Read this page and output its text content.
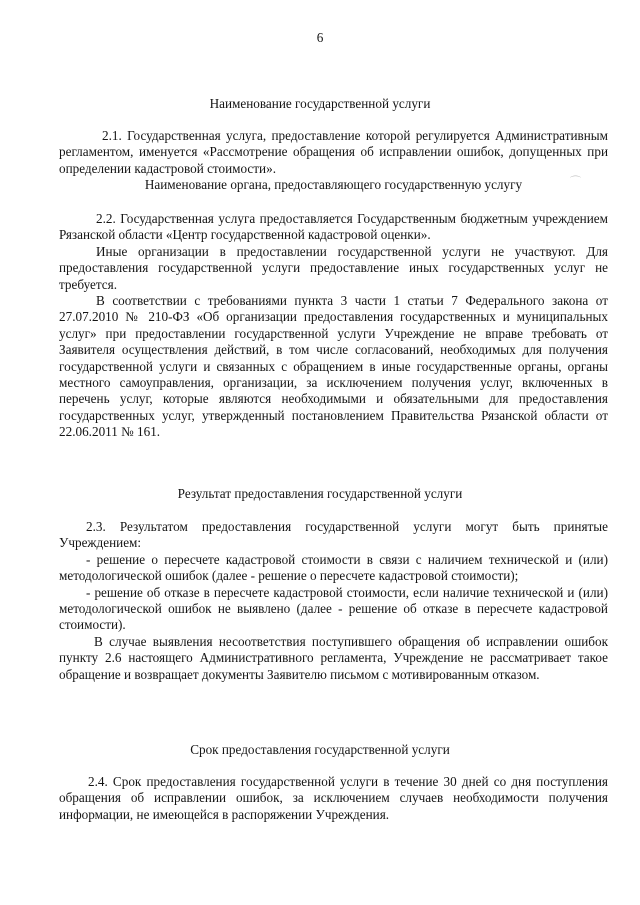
6
Наименование государственной услуги

2.1. Государственная услуга, предоставление которой регулируется Административным регламентом, именуется «Рассмотрение обращения об исправлении ошибок, допущенных при определении кадастровой стоимости».

Наименование органа, предоставляющего государственную услугу	⌒

2.2. Государственная услуга предоставляется Государственным бюджетным учреждением Рязанской области «Центр государственной кадастровой оценки».

Иные организации в предоставлении государственной услуги не участвуют. Для предоставления государственной услуги предоставление иных государственных услуг не требуется.

В соответствии с требованиями пункта 3 части 1 статьи 7 Федерального закона от 27.07.2010 № 210-ФЗ «Об организации предоставления государственных и муниципальных услуг» при предоставлении государственной услуги Учреждение не вправе требовать от Заявителя осуществления действий, в том числе согласований, необходимых для получения государственной услуги и связанных с обращением в иные государственные органы, органы местного самоуправления, организации, за исключением получения услуг, включенных в перечень услуг, которые являются необходимыми и обязательными для предоставления государственных услуг, утвержденный постановлением Правительства Рязанской области от 22.06.2011 № 161.

Результат предоставления государственной услуги

2.3. Результатом предоставления государственной услуги могут быть принятые Учреждением:

- решение о пересчете кадастровой стоимости в связи с наличием технической и (или) методологической ошибок (далее - решение о пересчете кадастровой стоимости);

- решение об отказе в пересчете кадастровой стоимости, если наличие технической и (или) методологической ошибок не выявлено (далее - решение об отказе в пересчете кадастровой стоимости).

В случае выявления несоответствия поступившего обращения об исправлении ошибок пункту 2.6 настоящего Административного регламента, Учреждение не рассматривает такое обращение и возвращает документы Заявителю письмом с мотивированным отказом.

Срок предоставления государственной услуги

2.4. Срок предоставления государственной услуги в течение 30 дней со дня поступления обращения об исправлении ошибок, за исключением случаев необходимости получения информации, не имеющейся в распоряжении Учреждения.
